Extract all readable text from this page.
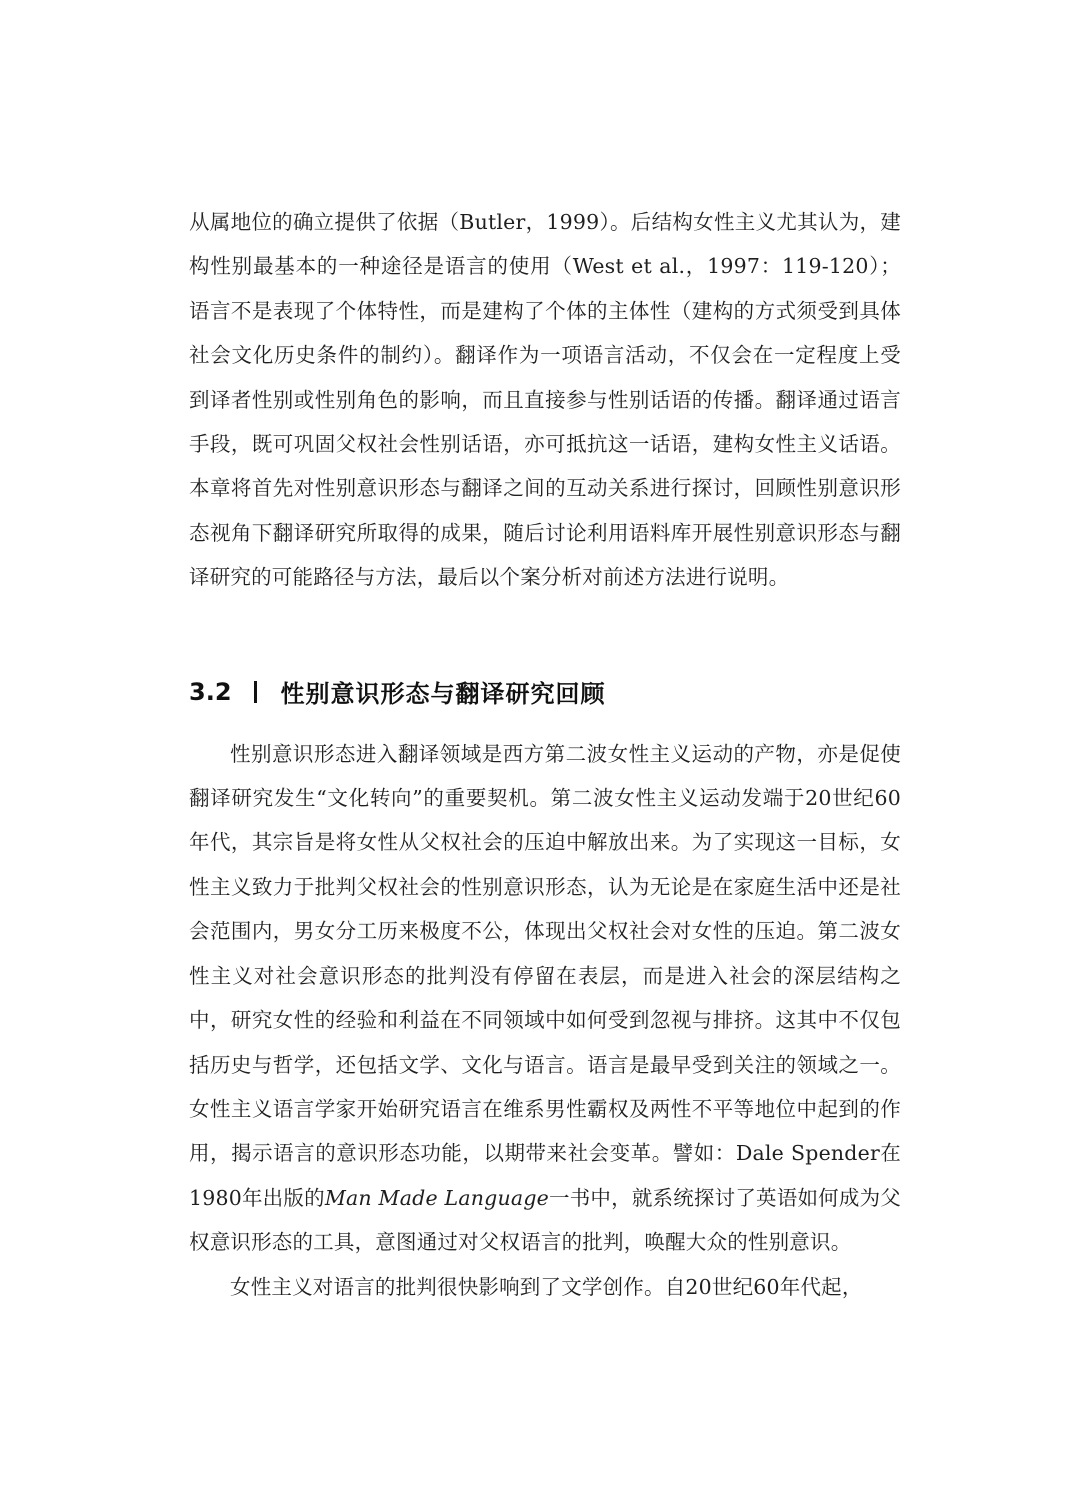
从属地位的确立提供了依据（Butler，1999）。后结构女性主义尤其认为，建构性别最基本的一种途径是语言的使用（West et al.，1997：119-120）；语言不是表现了个体特性，而是建构了个体的主体性（建构的方式须受到具体社会文化历史条件的制约）。翻译作为一项语言活动，不仅会在一定程度上受到译者性别或性别角色的影响，而且直接参与性别话语的传播。翻译通过语言手段，既可巩固父权社会性别话语，亦可抵抗这一话语，建构女性主义话语。本章将首先对性别意识形态与翻译之间的互动关系进行探讨，回顾性别意识形态视角下翻译研究所取得的成果，随后讨论利用语料库开展性别意识形态与翻译研究的可能路径与方法，最后以个案分析对前述方法进行说明。

3.2 性别意识形态与翻译研究回顾

性别意识形态进入翻译领域是西方第二波女性主义运动的产物，亦是促使翻译研究发生“文化转向”的重要契机。第二波女性主义运动发端于20世纪60年代，其宗旨是将女性从父权社会的压迫中解放出来。为了实现这一目标，女性主义致力于批判父权社会的性别意识形态，认为无论是在家庭生活中还是社会范围内，男女分工历来极度不公，体现出父权社会对女性的压迫。第二波女性主义对社会意识形态的批判没有停留在表层，而是进入社会的深层结构之中，研究女性的经验和利益在不同领域中如何受到忽视与排挤。这其中不仅包括历史与哲学，还包括文学、文化与语言。语言是最早受到关注的领域之一。女性主义语言学家开始研究语言在维系男性霸权及两性不平等地位中起到的作用，揭示语言的意识形态功能，以期带来社会变革。譬如：Dale Spender在1980年出版的Man Made Language一书中，就系统探讨了英语如何成为父权意识形态的工具，意图通过对父权语言的批判，唤醒大众的性别意识。

女性主义对语言的批判很快影响到了文学创作。自20世纪60年代起，
